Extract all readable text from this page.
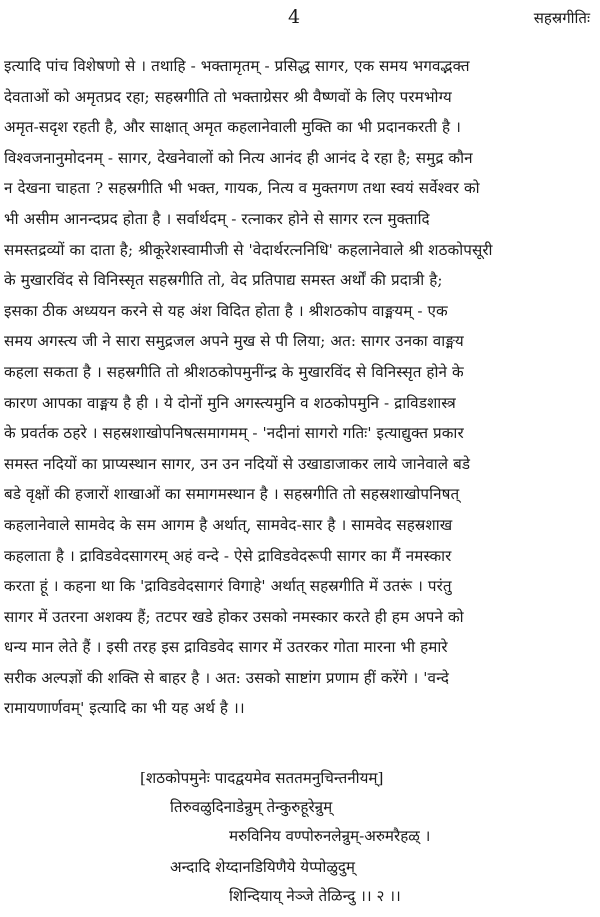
4	सहस्रगीतिः
इत्यादि पांच विशेषणो से । तथाहि - भक्तामृतम् - प्रसिद्ध सागर, एक समय भगवद्भक्त
देवताओं को अमृतप्रद रहा; सहस्रगीति तो भक्ताग्रेसर श्री वैष्णवों के लिए परमभोग्य
अमृत-सदृश रहती है, और साक्षात् अमृत कहलानेवाली मुक्ति का भी प्रदानकरती है ।
विश्वजनानुमोदनम् - सागर, देखनेवालों को नित्य आनंद ही आनंद दे रहा है; समुद्र कौन
न देखना चाहता ? सहस्रगीति भी भक्त, गायक, नित्य व मुक्तगण तथा स्वयं सर्वेश्वर को
भी असीम आनन्दप्रद होता है । सर्वार्थदम् - रत्नाकर होने से सागर रत्न मुक्तादि
समस्तद्रव्यों का दाता है; श्रीकूरेशस्वामीजी से 'वेदार्थरत्ननिधि' कहलानेवाले श्री शठकोपसूरी
के मुखारविंद से विनिस्सृत सहस्रगीति तो, वेद प्रतिपाद्य समस्त अर्थों की प्रदात्री है;
इसका ठीक अध्ययन करने से यह अंश विदित होता है । श्रीशठकोप वाङ्मयम् - एक
समय अगस्त्य जी ने सारा समुद्रजल अपने मुख से पी लिया; अत: सागर उनका वाङ्मय
कहला सकता है । सहस्रगीति तो श्रीशठकोपमुनींन्द्र के मुखारविंद से विनिस्सृत होने के
कारण आपका वाङ्मय है ही । ये दोनों मुनि अगस्त्यमुनि व शठकोपमुनि - द्राविडशास्त्र
के प्रवर्तक ठहरे । सहस्रशाखोपनिषत्समागमम् - 'नदीनां सागरो गतिः' इत्याद्युक्त प्रकार
समस्त नदियों का प्राप्यस्थान सागर, उन उन नदियों से उखाडाजाकर लाये जानेवाले बडे
बडे वृक्षों की हजारों शाखाओं का समागमस्थान है । सहस्रगीति तो सहस्रशाखोपनिषत्
कहलानेवाले सामवेद के सम आगम है अर्थात्, सामवेद-सार है । सामवेद सहस्रशाख
कहलाता है । द्राविडवेदसागरम् अहं वन्दे - ऐसे द्राविडवेदरूपी सागर का मैं नमस्कार
करता हूं । कहना था कि 'द्राविडवेदसागरं विगाहे' अर्थात् सहस्रगीति में उतरूं । परंतु
सागर में उतरना अशक्य हैं; तटपर खडे होकर उसको नमस्कार करते ही हम अपने को
धन्य मान लेते हैं । इसी तरह इस द्राविडवेद सागर में उतरकर गोता मारना भी हमारे
सरीक अल्पज्ञों की शक्ति से बाहर है । अत: उसको साष्टांग प्रणाम हीं करेंगे । 'वन्दे
रामायणार्णवम्' इत्यादि का भी यह अर्थ है ।।
[शठकोपमुनेः पादद्वयमेव सततमनुचिन्तनीयम्]
तिरुवळुदिनाडेन्रुम् तेन्कुरुहूरेन्रुम्
मरुविनिय वण्पोरुनलेन्रुम्-अरुमरैहळ् ।
अन्दादि शेय्दानडियिणैये येप्पोळुदुम्
शिन्दियाय् नेञ्जे तेळिन्दु ।। २ ।।
